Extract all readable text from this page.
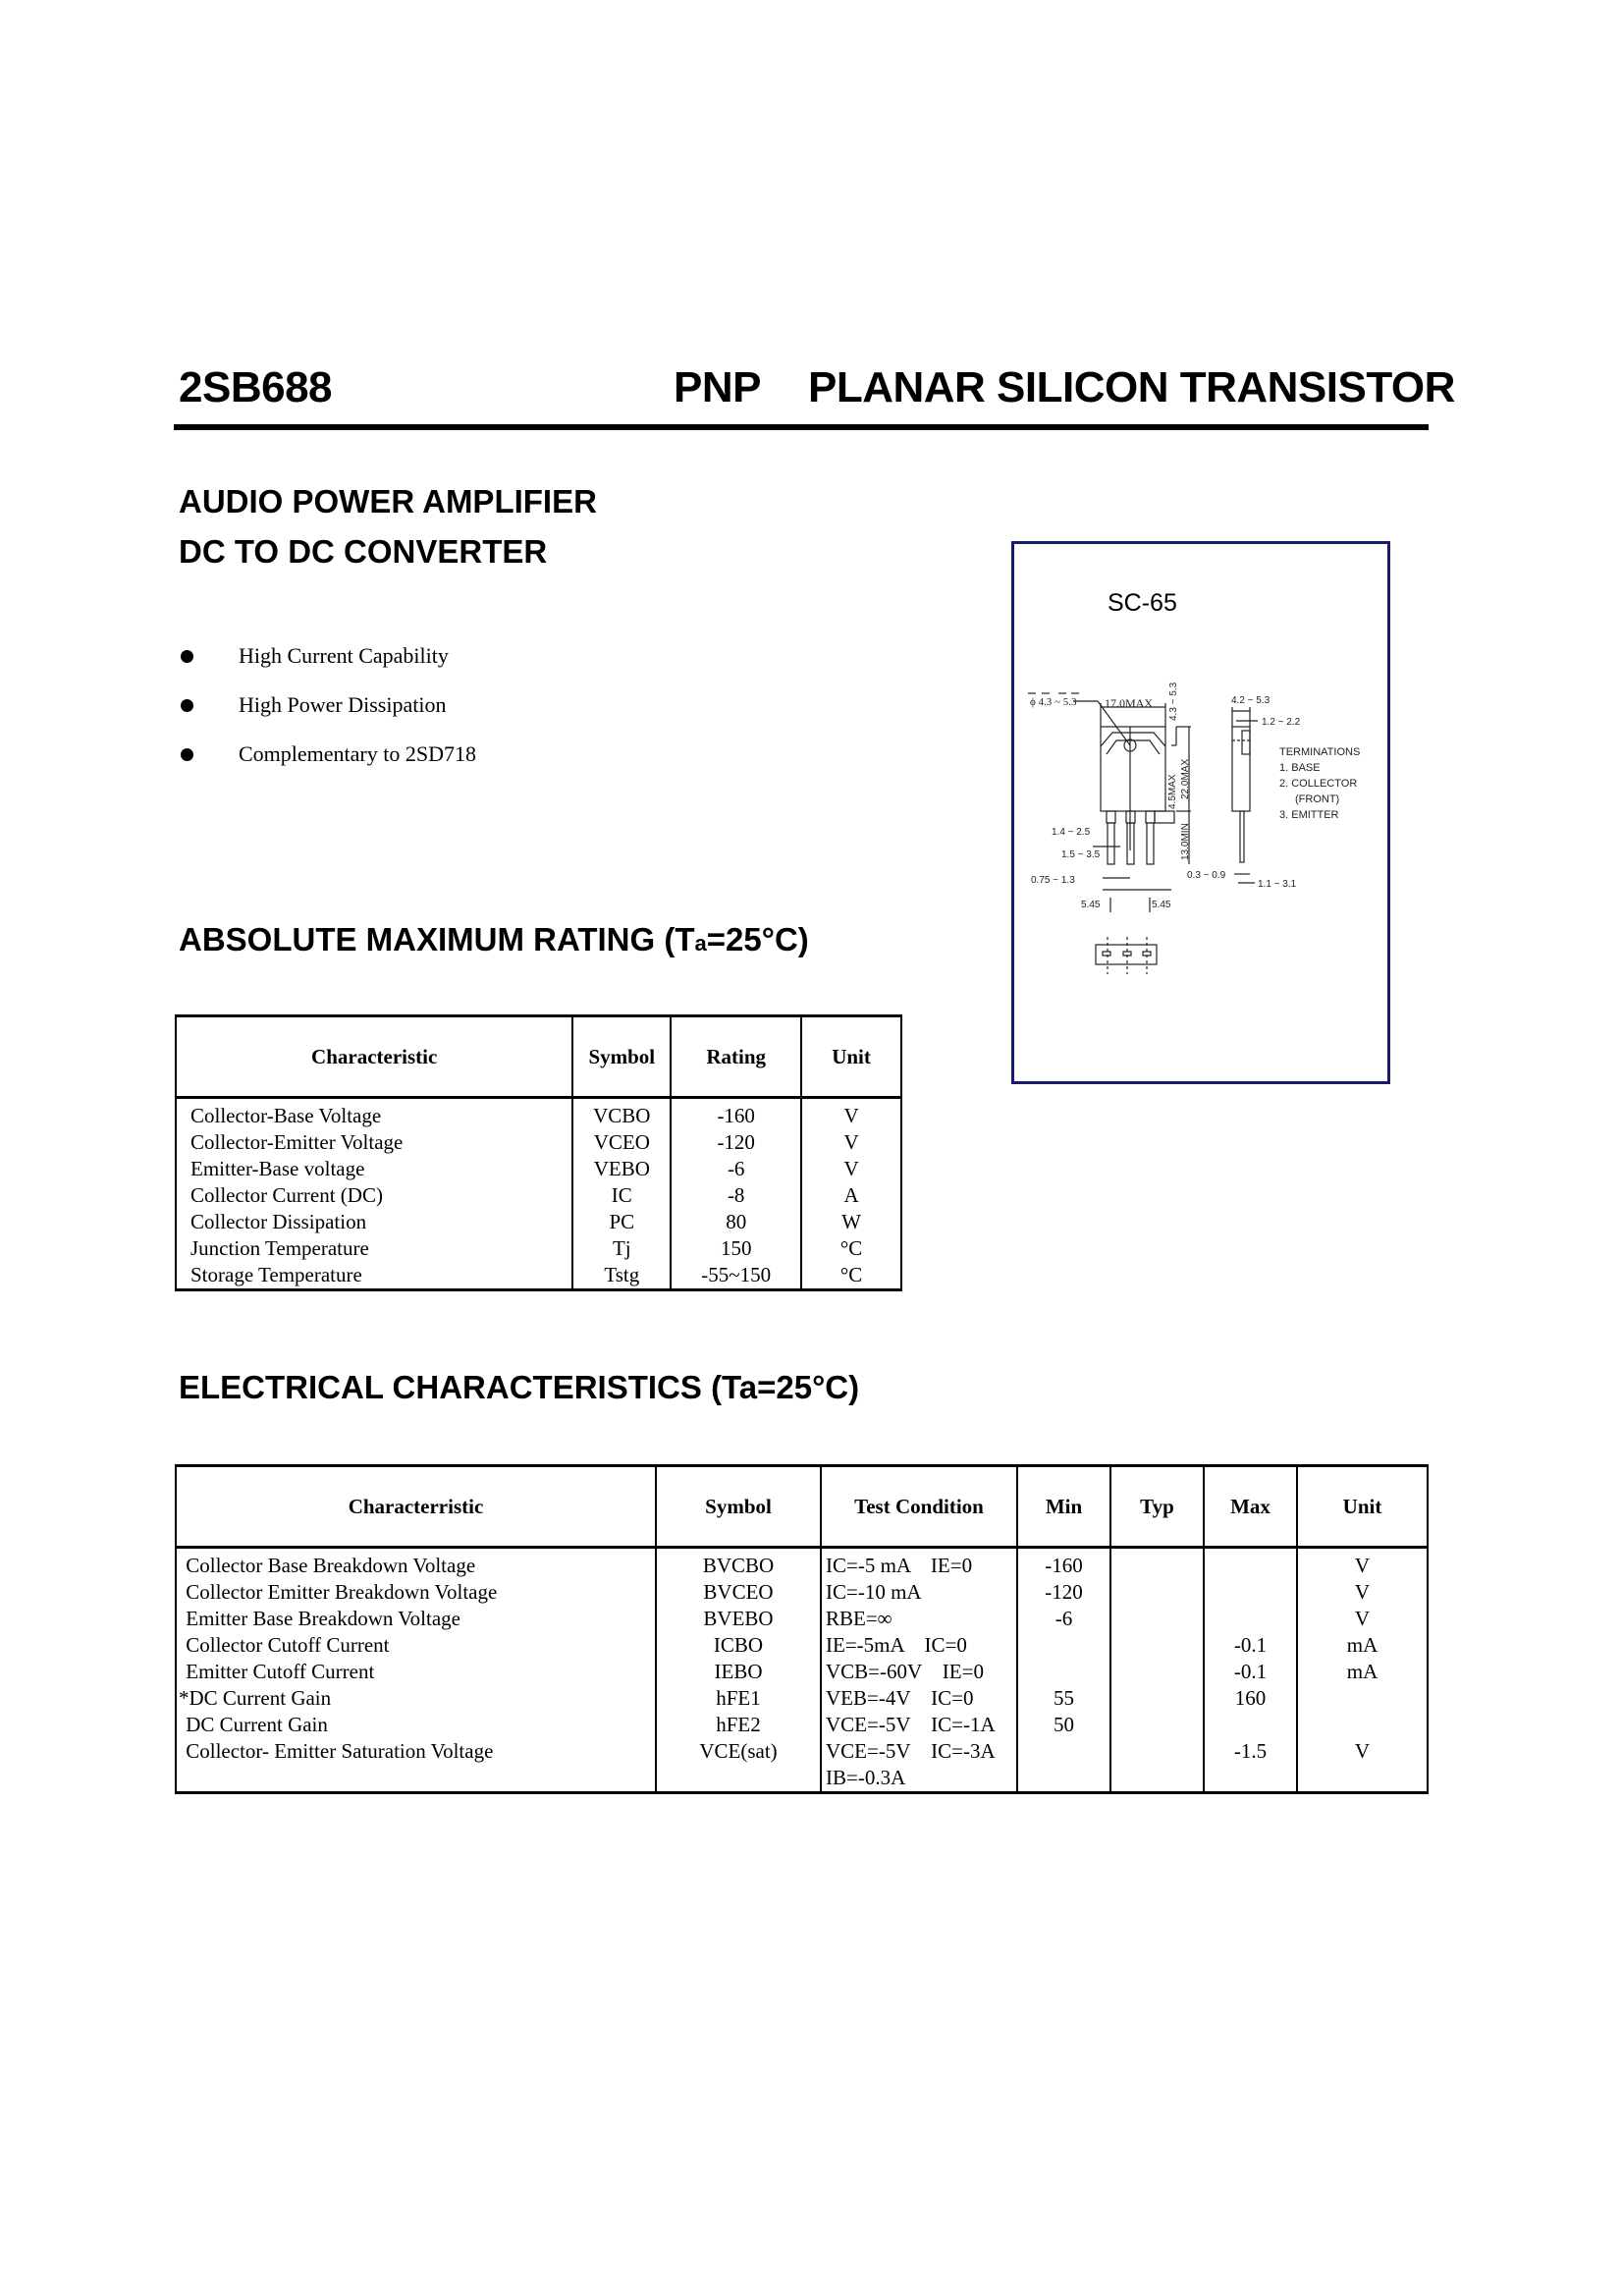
2SB688	PNP PLANAR SILICON TRANSISTOR
AUDIO POWER AMPLIFIER
DC TO DC CONVERTER
High Current Capability
High Power Dissipation
Complementary to 2SD718
SC-65
ϕ 4.3 ~ 5.3 17.0MAX 4.3 ~ 5.3
22.0MAX
4.5MAX
13.0MIN
1.4 ~ 2.5
1.5 ~ 3.5
0.75 ~ 1.3
5.45	5.45
4.2 ~ 5.3
1.2 ~ 2.2
0.3 ~ 0.9
1.1 ~ 3.1
TERMINATIONS
1. BASE
2. COLLECTOR
(FRONT)
3. EMITTER
ABSOLUTE MAXIMUM RATING (Ta=25°C)
Characteristic	Symbol	Rating	Unit
Collector-Base Voltage	VCBO	-160	V
Collector-Emitter Voltage	VCEO	-120	V
Emitter-Base voltage	VEBO	-6	V
Collector Current (DC)	IC	-8	A
Collector Dissipation	PC	80	W
Junction Temperature	Tj	150	°C
Storage Temperature	Tstg	-55~150	°C
ELECTRICAL CHARACTERISTICS (Ta=25°C)
Characterristic	Symbol	Test Condition	Min	Typ	Max	Unit
Collector Base Breakdown Voltage	BVCBO	IC=-5 mA    IE=0	-160			V
Collector Emitter Breakdown Voltage	BVCEO	IC=-10 mA	-120			V
Emitter Base Breakdown Voltage	BVEBO	RBE=∞	-6			V
Collector Cutoff Current	ICBO	IE=-5mA    IC=0			-0.1	mA
Emitter Cutoff Current	IEBO	VCB=-60V    IE=0			-0.1	mA
*DC Current Gain	hFE1	VEB=-4V    IC=0	55		160	
DC Current Gain	hFE2	VCE=-5V    IC=-1A	50			
Collector- Emitter Saturation Voltage	VCE(sat)	VCE=-5V    IC=-3A			-1.5	V
		IB=-0.3A				
